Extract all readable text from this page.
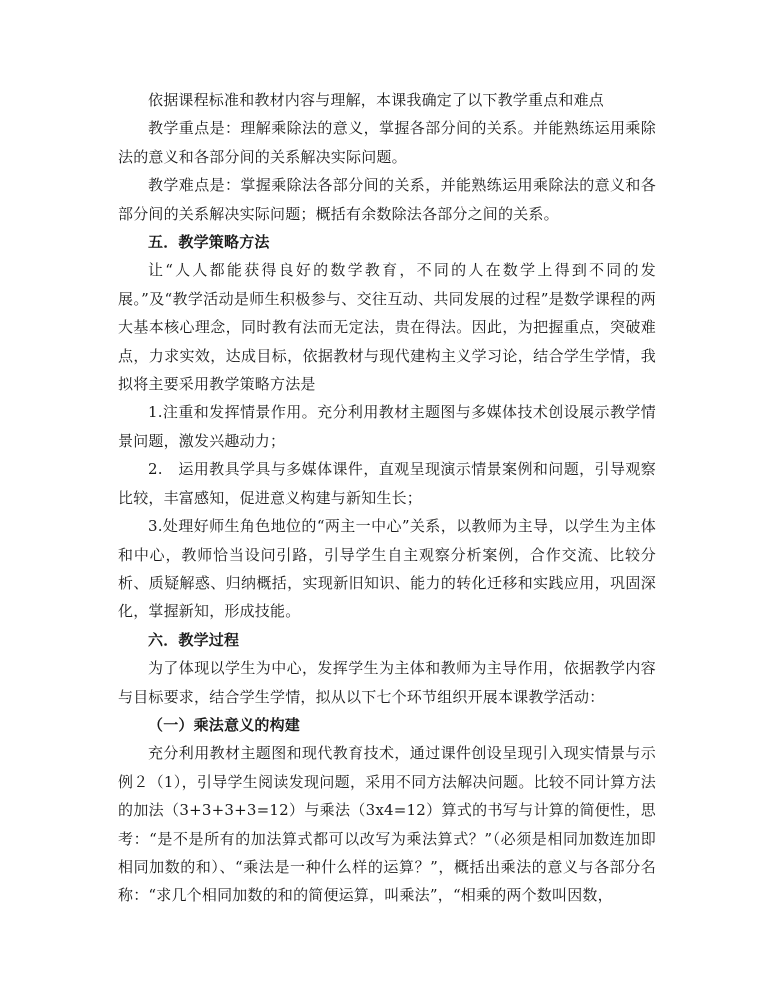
依据课程标准和教材内容与理解，本课我确定了以下教学重点和难点

教学重点是：理解乘除法的意义，掌握各部分间的关系。并能熟练运用乘除法的意义和各部分间的关系解决实际问题。

教学难点是：掌握乘除法各部分间的关系，并能熟练运用乘除法的意义和各部分间的关系解决实际问题；概括有余数除法各部分之间的关系。

五．教学策略方法

让“人人都能获得良好的数学教育，不同的人在数学上得到不同的发展。”及“教学活动是师生积极参与、交往互动、共同发展的过程”是数学课程的两大基本核心理念，同时教有法而无定法，贵在得法。因此，为把握重点，突破难点，力求实效，达成目标，依据教材与现代建构主义学习论，结合学生学情，我拟将主要采用教学策略方法是

1.注重和发挥情景作用。充分利用教材主题图与多媒体技术创设展示教学情景问题，激发兴趣动力；

2.　运用教具学具与多媒体课件，直观呈现演示情景案例和问题，引导观察比较，丰富感知，促进意义构建与新知生长；

3.处理好师生角色地位的“两主一中心”关系，以教师为主导，以学生为主体和中心，教师恰当设问引路，引导学生自主观察分析案例，合作交流、比较分析、质疑解惑、归纳概括，实现新旧知识、能力的转化迁移和实践应用，巩固深化，掌握新知，形成技能。

六．教学过程

为了体现以学生为中心，发挥学生为主体和教师为主导作用，依据教学内容与目标要求，结合学生学情，拟从以下七个环节组织开展本课教学活动：

（一）乘法意义的构建

充分利用教材主题图和现代教育技术，通过课件创设呈现引入现实情景与示例２（1），引导学生阅读发现问题，采用不同方法解决问题。比较不同计算方法的加法（3+3+3+3=12）与乘法（3x4=12）算式的书写与计算的简便性，思考：“是不是所有的加法算式都可以改写为乘法算式？”（必须是相同加数连加即相同加数的和）、“乘法是一种什么样的运算？”，概括出乘法的意义与各部分名称：“求几个相同加数的和的简便运算，叫乘法”，“相乘的两个数叫因数，
